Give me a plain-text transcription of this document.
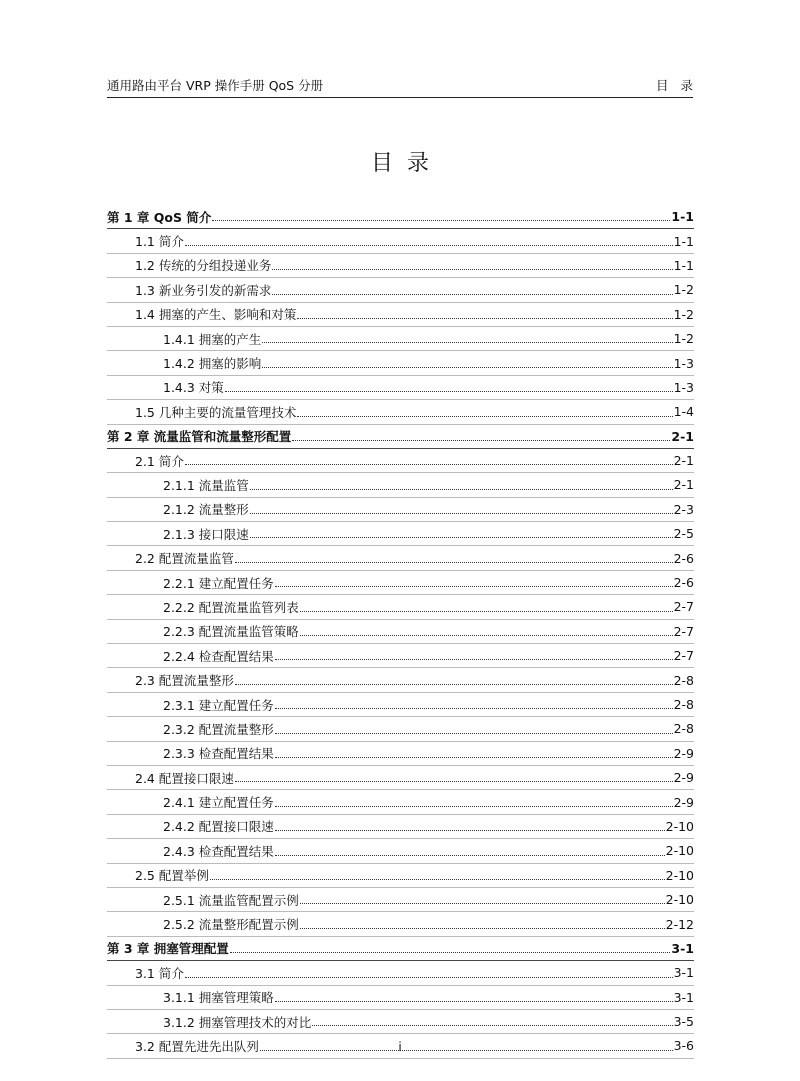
通用路由平台 VRP 操作手册 QoS 分册	目录
目录
第 1 章 QoS 简介	1-1
1.1 简介	1-1
1.2 传统的分组投递业务	1-1
1.3 新业务引发的新需求	1-2
1.4 拥塞的产生、影响和对策	1-2
1.4.1 拥塞的产生	1-2
1.4.2 拥塞的影响	1-3
1.4.3 对策	1-3
1.5 几种主要的流量管理技术	1-4
第 2 章 流量监管和流量整形配置	2-1
2.1 简介	2-1
2.1.1 流量监管	2-1
2.1.2 流量整形	2-3
2.1.3 接口限速	2-5
2.2 配置流量监管	2-6
2.2.1 建立配置任务	2-6
2.2.2 配置流量监管列表	2-7
2.2.3 配置流量监管策略	2-7
2.2.4 检查配置结果	2-7
2.3 配置流量整形	2-8
2.3.1 建立配置任务	2-8
2.3.2 配置流量整形	2-8
2.3.3 检查配置结果	2-9
2.4 配置接口限速	2-9
2.4.1 建立配置任务	2-9
2.4.2 配置接口限速	2-10
2.4.3 检查配置结果	2-10
2.5 配置举例	2-10
2.5.1 流量监管配置示例	2-10
2.5.2 流量整形配置示例	2-12
第 3 章 拥塞管理配置	3-1
3.1 简介	3-1
3.1.1 拥塞管理策略	3-1
3.1.2 拥塞管理技术的对比	3-5
3.2 配置先进先出队列	3-6
i
